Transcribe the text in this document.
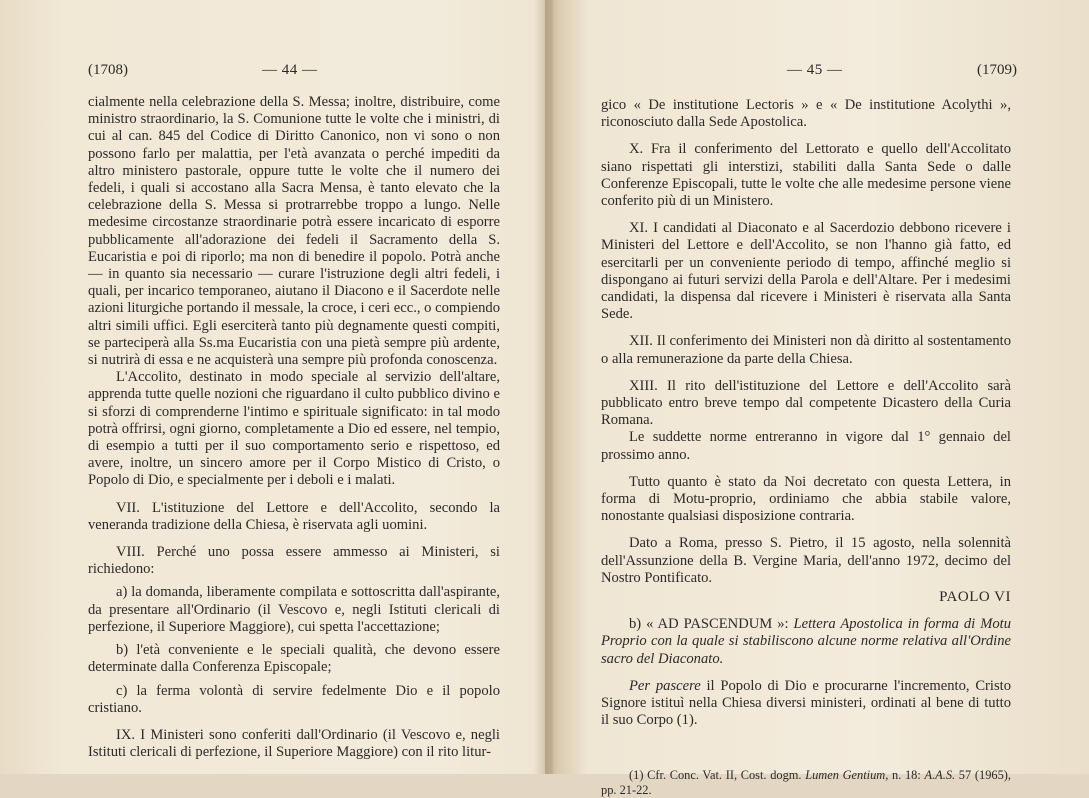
(1708)	— 44 —

cialmente nella celebrazione della S. Messa; inoltre, distribuire, come ministro straordinario, la S. Comunione tutte le volte che i ministri, di cui al can. 845 del Codice di Diritto Canonico, non vi sono o non possono farlo per malattia, per l'età avanzata o perché impediti da altro ministero pastorale, oppure tutte le volte che il numero dei fedeli, i quali si accostano alla Sacra Mensa, è tanto elevato che la celebrazione della S. Messa si protrarrebbe troppo a lungo. Nelle medesime circostanze straordinarie potrà essere incaricato di esporre pubblicamente all'adorazione dei fedeli il Sacramento della S. Eucaristia e poi di riporlo; ma non di benedire il popolo. Potrà anche — in quanto sia necessario — curare l'istruzione degli altri fedeli, i quali, per incarico temporaneo, aiutano il Diacono e il Sacerdote nelle azioni liturgiche portando il messale, la croce, i ceri ecc., o compiendo altri simili uffici. Egli eserciterà tanto più degnamente questi compiti, se parteciperà alla Ss.ma Eucaristia con una pietà sempre più ardente, si nutrirà di essa e ne acquisterà una sempre più profonda conoscenza.

L'Accolito, destinato in modo speciale al servizio dell'altare, apprenda tutte quelle nozioni che riguardano il culto pubblico divino e si sforzi di comprenderne l'intimo e spirituale significato: in tal modo potrà offrirsi, ogni giorno, completamente a Dio ed essere, nel tempio, di esempio a tutti per il suo comportamento serio e rispettoso, ed avere, inoltre, un sincero amore per il Corpo Mistico di Cristo, o Popolo di Dio, e specialmente per i deboli e i malati.

VII. L'istituzione del Lettore e dell'Accolito, secondo la veneranda tradizione della Chiesa, è riservata agli uomini.

VIII. Perché uno possa essere ammesso ai Ministeri, si richiedono:

a) la domanda, liberamente compilata e sottoscritta dall'aspirante, da presentare all'Ordinario (il Vescovo e, negli Istituti clericali di perfezione, il Superiore Maggiore), cui spetta l'accettazione;

b) l'età conveniente e le speciali qualità, che devono essere determinate dalla Conferenza Episcopale;

c) la ferma volontà di servire fedelmente Dio e il popolo cristiano.

IX. I Ministeri sono conferiti dall'Ordinario (il Vescovo e, negli Istituti clericali di perfezione, il Superiore Maggiore) con il rito litur-

— 45 —	(1709)

gico « De institutione Lectoris » e « De institutione Acolythi », riconosciuto dalla Sede Apostolica.

X. Fra il conferimento del Lettorato e quello dell'Accolitato siano rispettati gli interstizi, stabiliti dalla Santa Sede o dalle Conferenze Episcopali, tutte le volte che alle medesime persone viene conferito più di un Ministero.

XI. I candidati al Diaconato e al Sacerdozio debbono ricevere i Ministeri del Lettore e dell'Accolito, se non l'hanno già fatto, ed esercitarli per un conveniente periodo di tempo, affinché meglio si dispongano ai futuri servizi della Parola e dell'Altare. Per i medesimi candidati, la dispensa dal ricevere i Ministeri è riservata alla Santa Sede.

XII. Il conferimento dei Ministeri non dà diritto al sostentamento o alla remunerazione da parte della Chiesa.

XIII. Il rito dell'istituzione del Lettore e dell'Accolito sarà pubblicato entro breve tempo dal competente Dicastero della Curia Romana.

Le suddette norme entreranno in vigore dal 1° gennaio del prossimo anno.

Tutto quanto è stato da Noi decretato con questa Lettera, in forma di Motu-proprio, ordiniamo che abbia stabile valore, nonostante qualsiasi disposizione contraria.

Dato a Roma, presso S. Pietro, il 15 agosto, nella solennità dell'Assunzione della B. Vergine Maria, dell'anno 1972, decimo del Nostro Pontificato.

PAOLO VI

b) « AD PASCENDUM »: Lettera Apostolica in forma di Motu Proprio con la quale si stabiliscono alcune norme relativa all'Ordine sacro del Diaconato.

Per pascere il Popolo di Dio e procurarne l'incremento, Cristo Signore istituì nella Chiesa diversi ministeri, ordinati al bene di tutto il suo Corpo (1).

(1) Cfr. Conc. Vat. II, Cost. dogm. Lumen Gentium, n. 18: A.A.S. 57 (1965), pp. 21-22.
